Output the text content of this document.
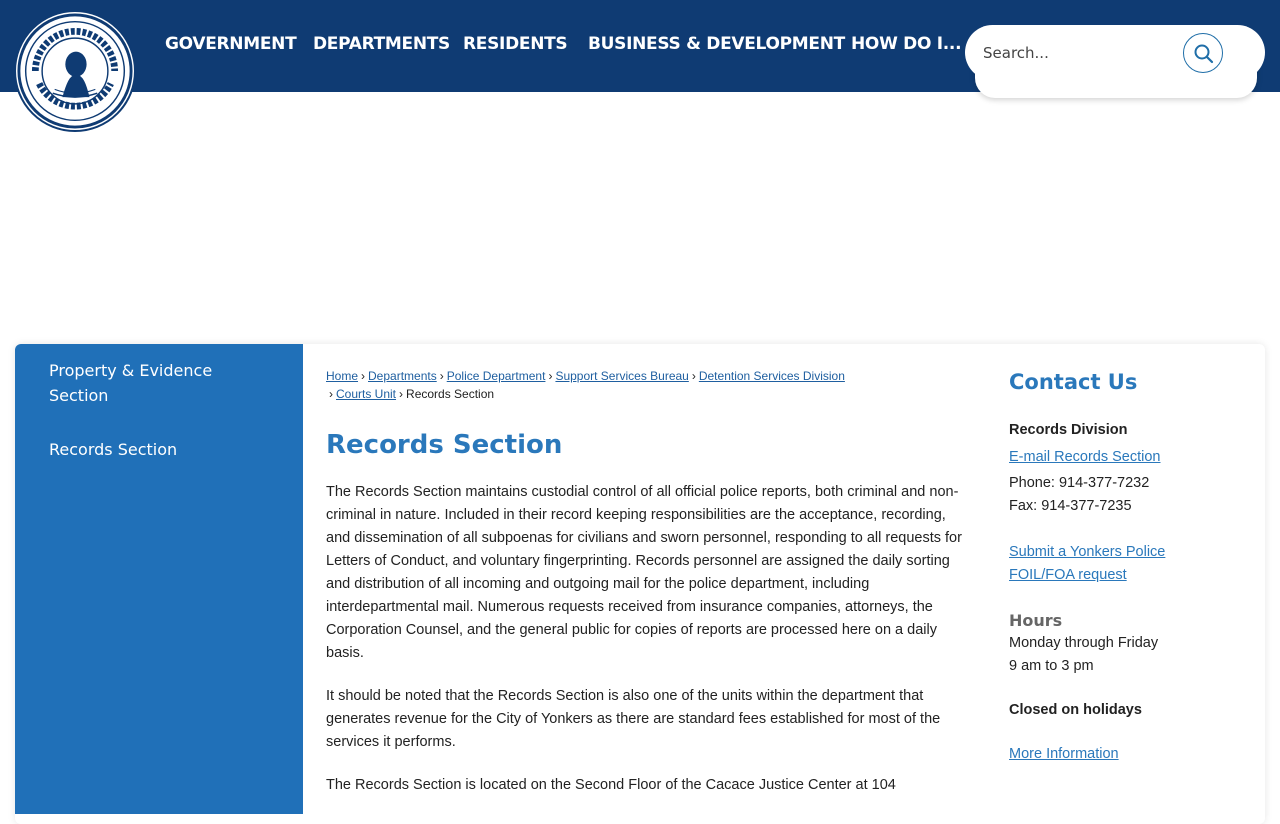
GOVERNMENT DEPARTMENTS RESIDENTS BUSINESS & DEVELOPMENT HOW DO I...
Search...
Property & Evidence Section
Records Section
Home › Departments › Police Department › Support Services Bureau › Detention Services Division
› Courts Unit › Records Section
Records Section

The Records Section maintains custodial control of all official police reports, both criminal and non-criminal in nature. Included in their record keeping responsibilities are the acceptance, recording, and dissemination of all subpoenas for civilians and sworn personnel, responding to all requests for Letters of Conduct, and voluntary fingerprinting. Records personnel are assigned the daily sorting and distribution of all incoming and outgoing mail for the police department, including interdepartmental mail. Numerous requests received from insurance companies, attorneys, the Corporation Counsel, and the general public for copies of reports are processed here on a daily basis.

It should be noted that the Records Section is also one of the units within the department that generates revenue for the City of Yonkers as there are standard fees established for most of the services it performs.

The Records Section is located on the Second Floor of the Cacace Justice Center at 104

Contact Us
Records Division
E-mail Records Section
Phone: 914-377-7232
Fax: 914-377-7235
Submit a Yonkers Police
FOIL/FOA request
Hours
Monday through Friday
9 am to 3 pm
Closed on holidays
More Information
